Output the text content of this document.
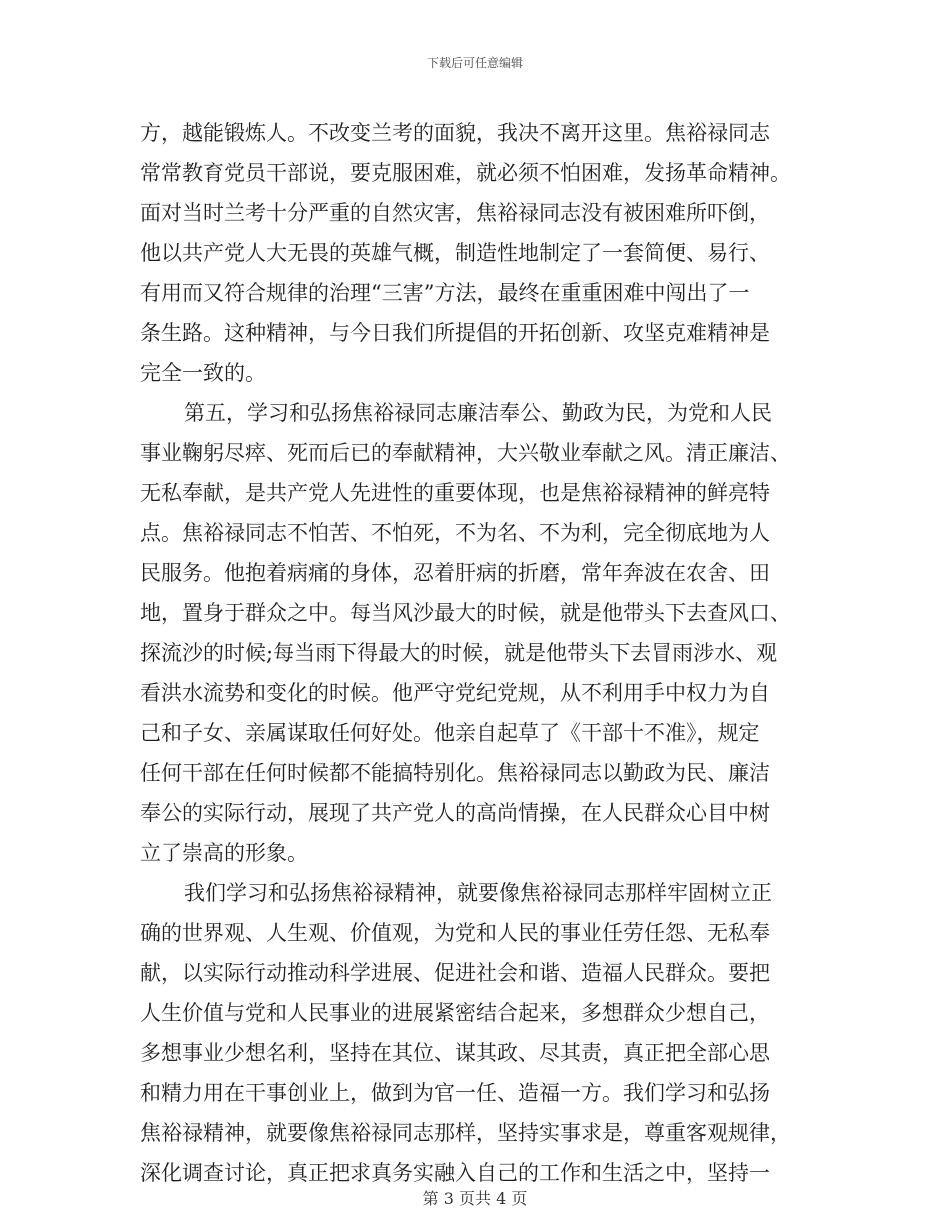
下载后可任意编辑
方，越能锻炼人。不改变兰考的面貌，我决不离开这里。焦裕禄同志
常常教育党员干部说，要克服困难，就必须不怕困难，发扬革命精神。
面对当时兰考十分严重的自然灾害，焦裕禄同志没有被困难所吓倒，
他以共产党人大无畏的英雄气概，制造性地制定了一套简便、易行、
有用而又符合规律的治理“三害”方法，最终在重重困难中闯出了一
条生路。这种精神，与今日我们所提倡的开拓创新、攻坚克难精神是
完全一致的。
第五，学习和弘扬焦裕禄同志廉洁奉公、勤政为民，为党和人民
事业鞠躬尽瘁、死而后已的奉献精神，大兴敬业奉献之风。清正廉洁、
无私奉献，是共产党人先进性的重要体现，也是焦裕禄精神的鲜亮特
点。焦裕禄同志不怕苦、不怕死，不为名、不为利，完全彻底地为人
民服务。他抱着病痛的身体，忍着肝病的折磨，常年奔波在农舍、田
地，置身于群众之中。每当风沙最大的时候，就是他带头下去查风口、
探流沙的时候;每当雨下得最大的时候，就是他带头下去冒雨涉水、观
看洪水流势和变化的时候。他严守党纪党规，从不利用手中权力为自
己和子女、亲属谋取任何好处。他亲自起草了《干部十不准》，规定
任何干部在任何时候都不能搞特别化。焦裕禄同志以勤政为民、廉洁
奉公的实际行动，展现了共产党人的高尚情操，在人民群众心目中树
立了崇高的形象。
我们学习和弘扬焦裕禄精神，就要像焦裕禄同志那样牢固树立正
确的世界观、人生观、价值观，为党和人民的事业任劳任怨、无私奉
献，以实际行动推动科学进展、促进社会和谐、造福人民群众。要把
人生价值与党和人民事业的进展紧密结合起来，多想群众少想自己，
多想事业少想名利，坚持在其位、谋其政、尽其责，真正把全部心思
和精力用在干事创业上，做到为官一任、造福一方。我们学习和弘扬
焦裕禄精神，就要像焦裕禄同志那样，坚持实事求是，尊重客观规律，
深化调查讨论，真正把求真务实融入自己的工作和生活之中，坚持一
第 3 页共 4 页
